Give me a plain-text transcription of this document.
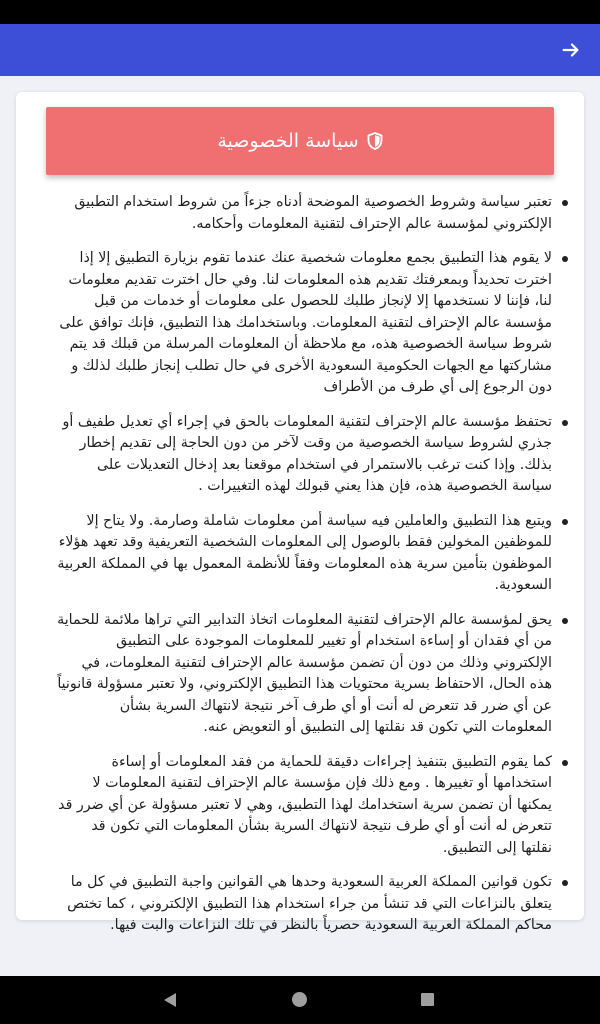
سياسة الخصوصية
تعتبر سياسة وشروط الخصوصية الموضحة أدناه جزءاً من شروط استخدام التطبيق الإلكتروني لمؤسسة عالم الإحتراف لتقنية المعلومات وأحكامه.
لا يقوم هذا التطبيق بجمع معلومات شخصية عنك عندما تقوم بزيارة التطبيق إلا إذا اخترت تحديداً وبمعرفتك تقديم هذه المعلومات لنا. وفي حال اخترت تقديم معلومات لنا، فإننا لا نستخدمها إلا لإنجاز طلبك للحصول على معلومات أو خدمات من قبل مؤسسة عالم الإحتراف لتقنية المعلومات. وباستخدامك هذا التطبيق، فإنك توافق على شروط سياسة الخصوصية هذه، مع ملاحظة أن المعلومات المرسلة من قبلك قد يتم مشاركتها مع الجهات الحكومية السعودية الأخرى في حال تطلب إنجاز طلبك لذلك و دون الرجوع إلى أي طرف من الأطراف
تحتفظ مؤسسة عالم الإحتراف لتقنية المعلومات بالحق في إجراء أي تعديل طفيف أو جذري لشروط سياسة الخصوصية من وقت لآخر من دون الحاجة إلى تقديم إخطار بذلك. وإذا كنت ترغب بالاستمرار في استخدام موقعنا بعد إدخال التعديلات على سياسة الخصوصية هذه، فإن هذا يعني قبولك لهذه التغييرات .
ويتبع هذا التطبيق والعاملين فيه سياسة أمن معلومات شاملة وصارمة. ولا يتاح إلا للموظفين المخولين فقط بالوصول إلى المعلومات الشخصية التعريفية وقد تعهد هؤلاء الموظفون بتأمين سرية هذه المعلومات وفقاً للأنظمة المعمول بها في المملكة العربية السعودية.
يحق لمؤسسة عالم الإحتراف لتقنية المعلومات اتخاذ التدابير التي تراها ملائمة للحماية من أي فقدان أو إساءة استخدام أو تغيير للمعلومات الموجودة على التطبيق الإلكتروني وذلك من دون أن تضمن مؤسسة عالم الإحتراف لتقنية المعلومات، في هذه الحال، الاحتفاظ بسرية محتويات هذا التطبيق الإلكتروني، ولا تعتبر مسؤولة قانونياً عن أي ضرر قد تتعرض له أنت أو أي طرف آخر نتيجة لانتهاك السرية بشأن المعلومات التي تكون قد نقلتها إلى التطبيق أو التعويض عنه.
كما يقوم التطبيق بتنفيذ إجراءات دقيقة للحماية من فقد المعلومات أو إساءة استخدامها أو تغييرها . ومع ذلك فإن مؤسسة عالم الإحتراف لتقنية المعلومات لا يمكنها أن تضمن سرية استخدامك لهذا التطبيق، وهي لا تعتبر مسؤولة عن أي ضرر قد تتعرض له أنت أو أي طرف نتيجة لانتهاك السرية بشأن المعلومات التي تكون قد نقلتها إلى التطبيق.
تكون قوانين المملكة العربية السعودية وحدها هي القوانين واجبة التطبيق في كل ما يتعلق بالنزاعات التي قد تنشأ من جراء استخدام هذا التطبيق الإلكتروني ، كما تختص محاكم المملكة العربية السعودية حصرياً بالنظر في تلك النزاعات والبت فيها.
